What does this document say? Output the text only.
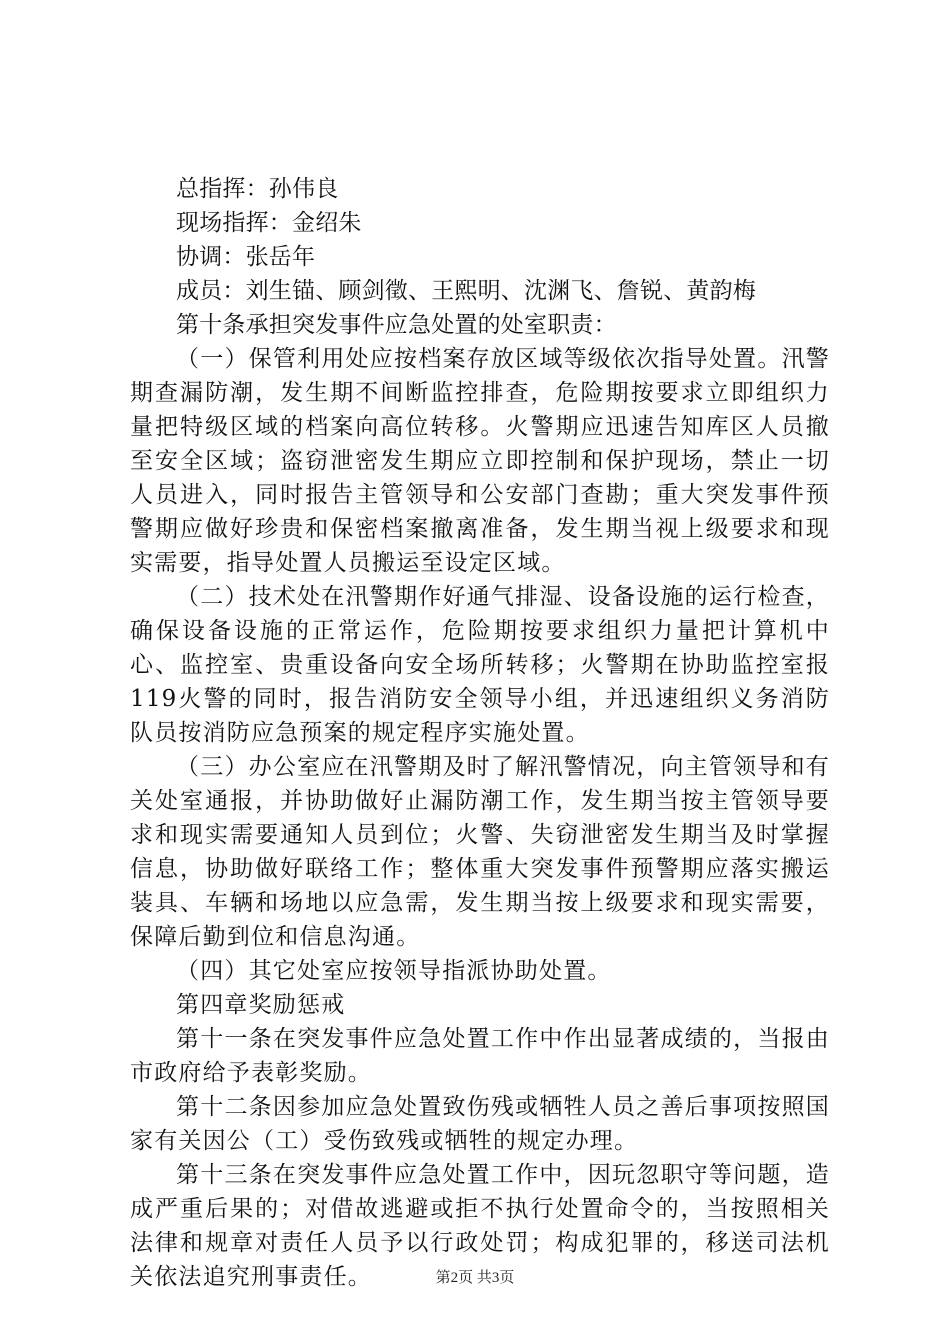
总指挥：孙伟良
现场指挥：金绍朱
协调：张岳年
成员：刘生锚、顾剑徵、王熙明、沈渊飞、詹锐、黄韵梅
第十条承担突发事件应急处置的处室职责：
（一）保管利用处应按档案存放区域等级依次指导处置。汛警期查漏防潮，发生期不间断监控排查，危险期按要求立即组织力量把特级区域的档案向高位转移。火警期应迅速告知库区人员撤至安全区域；盗窃泄密发生期应立即控制和保护现场，禁止一切人员进入，同时报告主管领导和公安部门查勘；重大突发事件预警期应做好珍贵和保密档案撤离准备，发生期当视上级要求和现实需要，指导处置人员搬运至设定区域。
（二）技术处在汛警期作好通气排湿、设备设施的运行检查，确保设备设施的正常运作，危险期按要求组织力量把计算机中心、监控室、贵重设备向安全场所转移；火警期在协助监控室报119火警的同时，报告消防安全领导小组，并迅速组织义务消防队员按消防应急预案的规定程序实施处置。
（三）办公室应在汛警期及时了解汛警情况，向主管领导和有关处室通报，并协助做好止漏防潮工作，发生期当按主管领导要求和现实需要通知人员到位；火警、失窃泄密发生期当及时掌握信息，协助做好联络工作；整体重大突发事件预警期应落实搬运装具、车辆和场地以应急需，发生期当按上级要求和现实需要，保障后勤到位和信息沟通。
（四）其它处室应按领导指派协助处置。
第四章奖励惩戒
第十一条在突发事件应急处置工作中作出显著成绩的，当报由市政府给予表彰奖励。
第十二条因参加应急处置致伤残或牺牲人员之善后事项按照国家有关因公（工）受伤致残或牺牲的规定办理。
第十三条在突发事件应急处置工作中，因玩忽职守等问题，造成严重后果的；对借故逃避或拒不执行处置命令的，当按照相关法律和规章对责任人员予以行政处罚；构成犯罪的，移送司法机关依法追究刑事责任。	第2页 共3页
